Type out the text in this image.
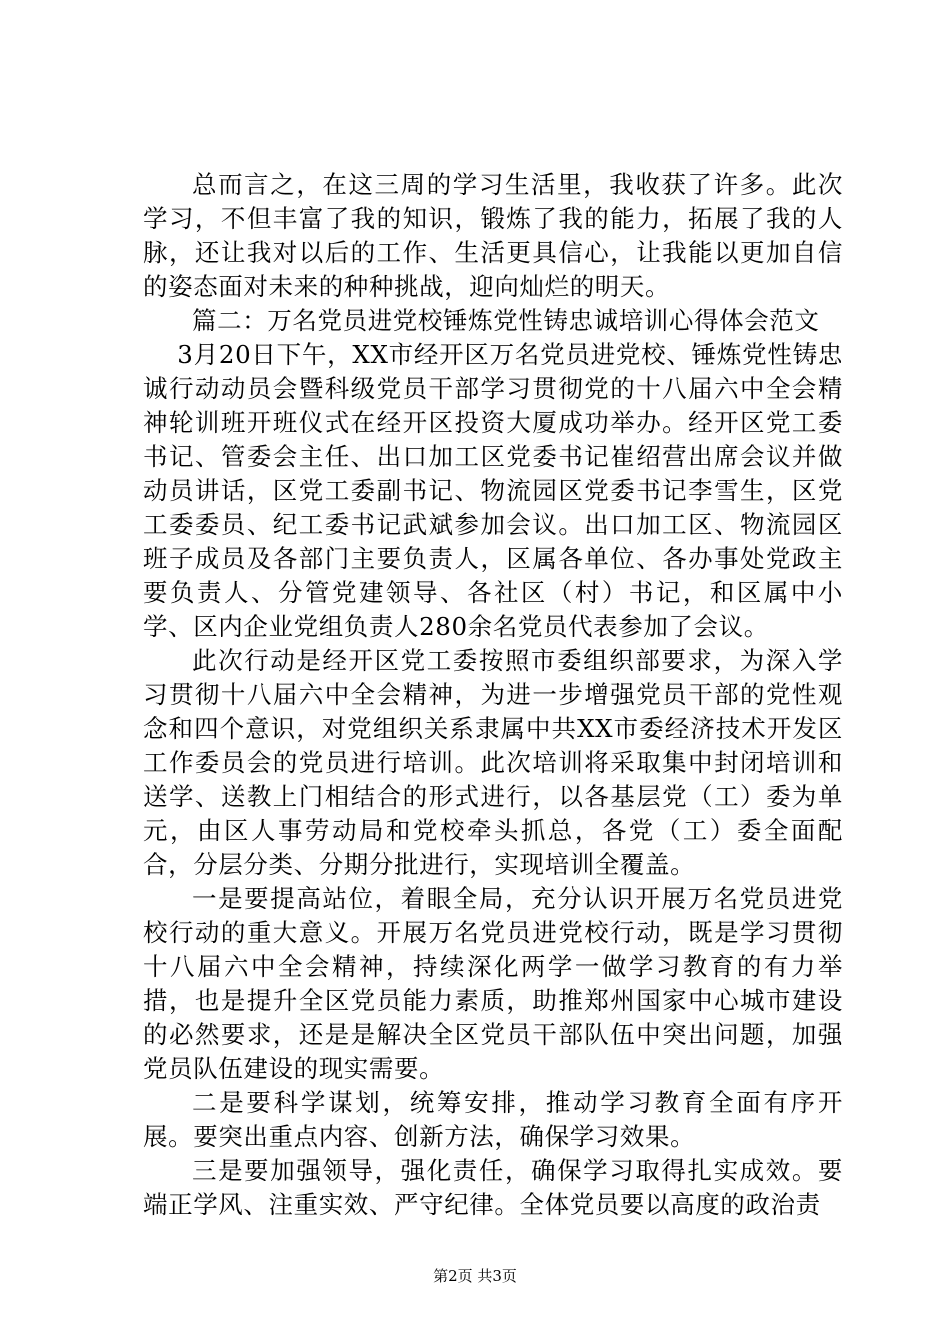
总而言之，在这三周的学习生活里，我收获了许多。此次学习，不但丰富了我的知识，锻炼了我的能力，拓展了我的人脉，还让我对以后的工作、生活更具信心，让我能以更加自信的姿态面对未来的种种挑战，迎向灿烂的明天。

篇二：万名党员进党校锤炼党性铸忠诚培训心得体会范文

3月20日下午，XX市经开区万名党员进党校、锤炼党性铸忠诚行动动员会暨科级党员干部学习贯彻党的十八届六中全会精神轮训班开班仪式在经开区投资大厦成功举办。经开区党工委书记、管委会主任、出口加工区党委书记崔绍营出席会议并做动员讲话，区党工委副书记、物流园区党委书记李雪生，区党工委委员、纪工委书记武斌参加会议。出口加工区、物流园区班子成员及各部门主要负责人，区属各单位、各办事处党政主要负责人、分管党建领导、各社区（村）书记，和区属中小学、区内企业党组负责人280余名党员代表参加了会议。

此次行动是经开区党工委按照市委组织部要求，为深入学习贯彻十八届六中全会精神，为进一步增强党员干部的党性观念和四个意识，对党组织关系隶属中共XX市委经济技术开发区工作委员会的党员进行培训。此次培训将采取集中封闭培训和送学、送教上门相结合的形式进行，以各基层党（工）委为单元，由区人事劳动局和党校牵头抓总，各党（工）委全面配合，分层分类、分期分批进行，实现培训全覆盖。

一是要提高站位，着眼全局，充分认识开展万名党员进党校行动的重大意义。开展万名党员进党校行动，既是学习贯彻十八届六中全会精神，持续深化两学一做学习教育的有力举措，也是提升全区党员能力素质，助推郑州国家中心城市建设的必然要求，还是是解决全区党员干部队伍中突出问题，加强党员队伍建设的现实需要。

二是要科学谋划，统筹安排，推动学习教育全面有序开展。要突出重点内容、创新方法，确保学习效果。

三是要加强领导，强化责任，确保学习取得扎实成效。要端正学风、注重实效、严守纪律。全体党员要以高度的政治责

第2页 共3页
